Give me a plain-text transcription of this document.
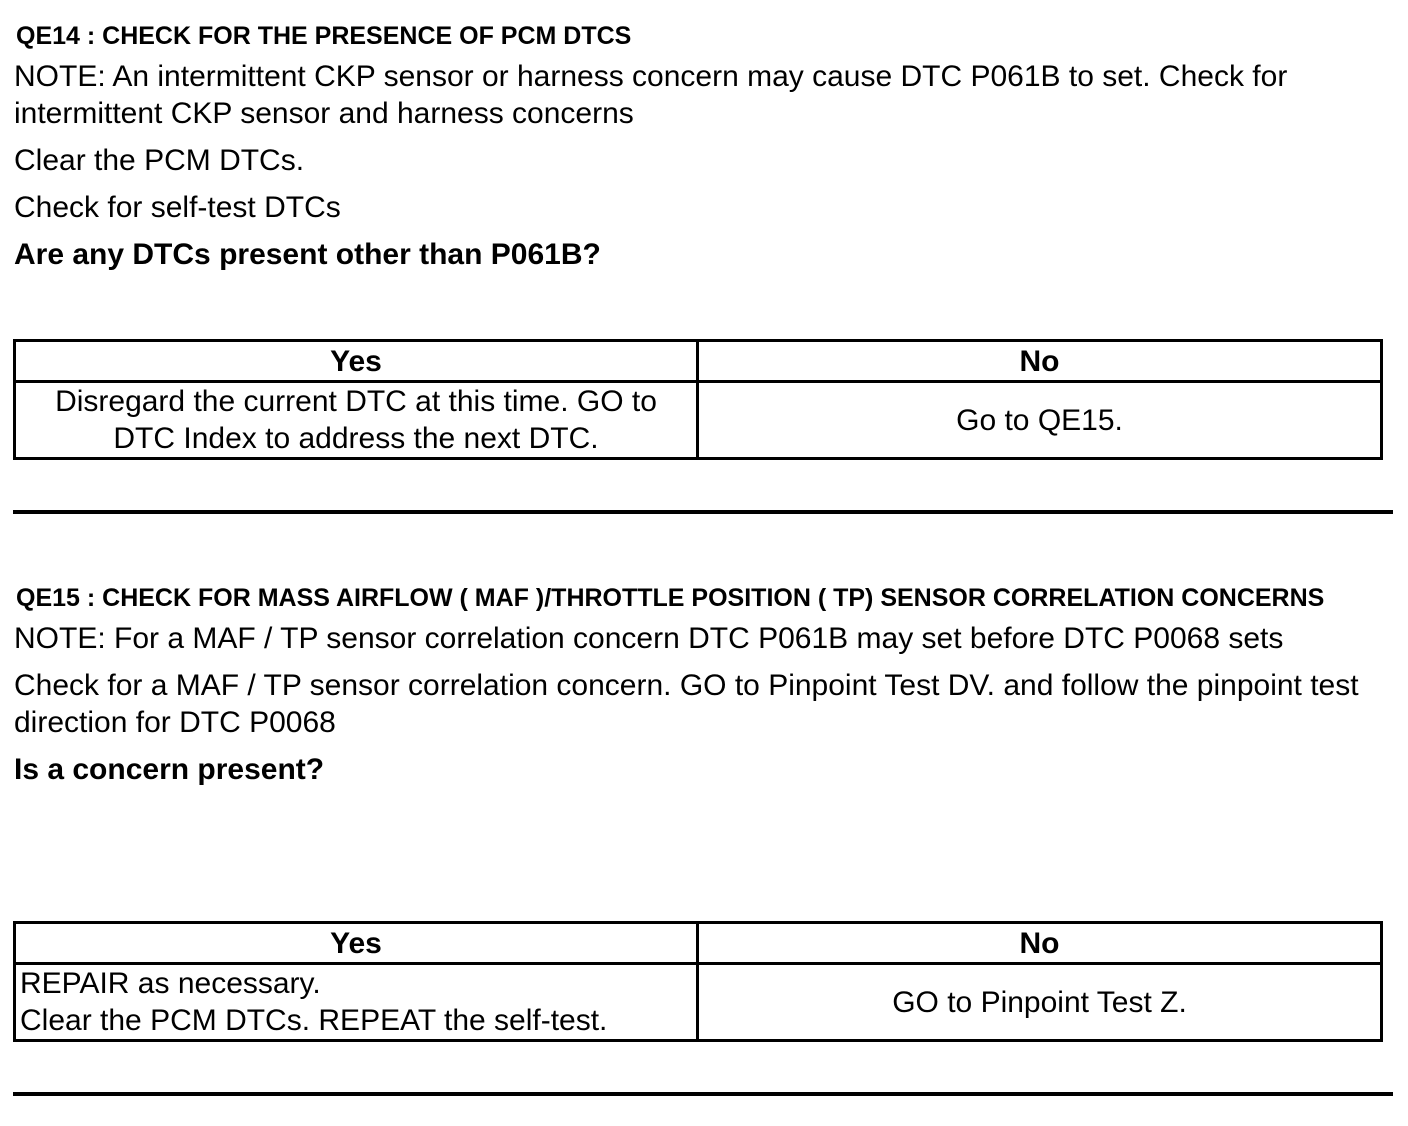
QE14 : CHECK FOR THE PRESENCE OF PCM DTCS
NOTE: An intermittent CKP sensor or harness concern may cause DTC P061B to set. Check for intermittent CKP sensor and harness concerns
Clear the PCM DTCs.
Check for self-test DTCs
Are any DTCs present other than P061B?
Yes	No

Disregard the current DTC at this time. GO to
DTC Index to address the next DTC.	Go to QE15.
QE15 : CHECK FOR MASS AIRFLOW ( MAF )/THROTTLE POSITION ( TP) SENSOR CORRELATION CONCERNS
NOTE: For a MAF / TP sensor correlation concern DTC P061B may set before DTC P0068 sets
Check for a MAF / TP sensor correlation concern. GO to Pinpoint Test DV. and follow the pinpoint test direction for DTC P0068
Is a concern present?
Yes	No

REPAIR as necessary.
Clear the PCM DTCs. REPEAT the self-test.	GO to Pinpoint Test Z.
